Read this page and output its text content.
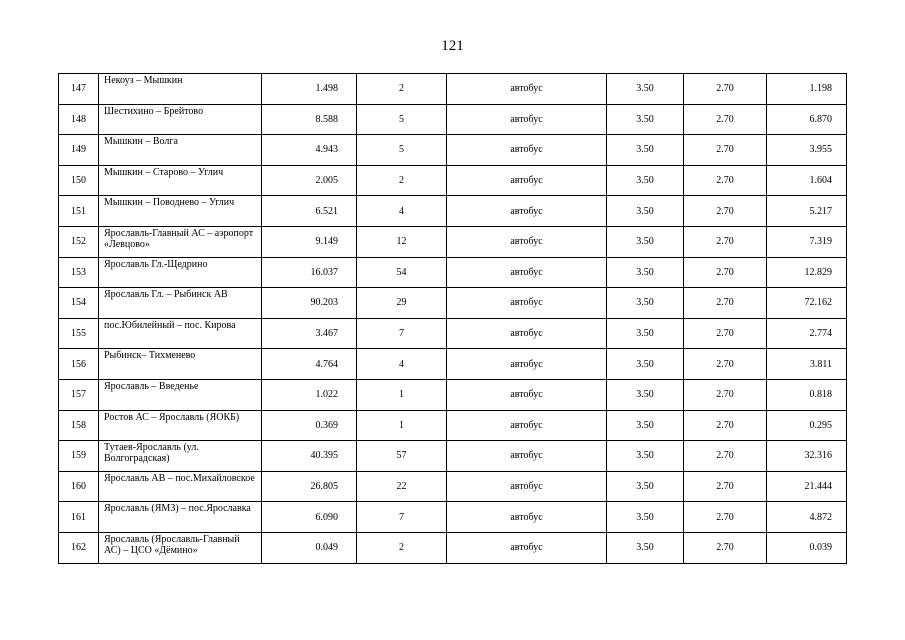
121
147	Некоуз – Мышкин	1.498	2	автобус	3.50	2.70	1.198
148	Шестихино – Брейтово	8.588	5	автобус	3.50	2.70	6.870
149	Мышкин – Волга	4.943	5	автобус	3.50	2.70	3.955
150	Мышкин – Старово – Углич	2.005	2	автобус	3.50	2.70	1.604
151	Мышкин – Поводнево – Углич	6.521	4	автобус	3.50	2.70	5.217
152	Ярославль-Главный АС – аэропорт «Левцово»	9.149	12	автобус	3.50	2.70	7.319
153	Ярославль Гл.-Щедрино	16.037	54	автобус	3.50	2.70	12.829
154	Ярославль Гл. – Рыбинск АВ	90.203	29	автобус	3.50	2.70	72.162
155	пос.Юбилейный – пос. Кирова	3.467	7	автобус	3.50	2.70	2.774
156	Рыбинск– Тихменево	4.764	4	автобус	3.50	2.70	3.811
157	Ярославль – Введенье	1.022	1	автобус	3.50	2.70	0.818
158	Ростов АС – Ярославль (ЯОКБ)	0.369	1	автобус	3.50	2.70	0.295
159	Тутаев-Ярославль (ул. Волгоградская)	40.395	57	автобус	3.50	2.70	32.316
160	Ярославль АВ – пос.Михайловское	26.805	22	автобус	3.50	2.70	21.444
161	Ярославль (ЯМЗ) – пос.Ярославка	6.090	7	автобус	3.50	2.70	4.872
162	Ярославль (Ярославль-Главный АС) – ЦСО «Дёмино»	0.049	2	автобус	3.50	2.70	0.039
